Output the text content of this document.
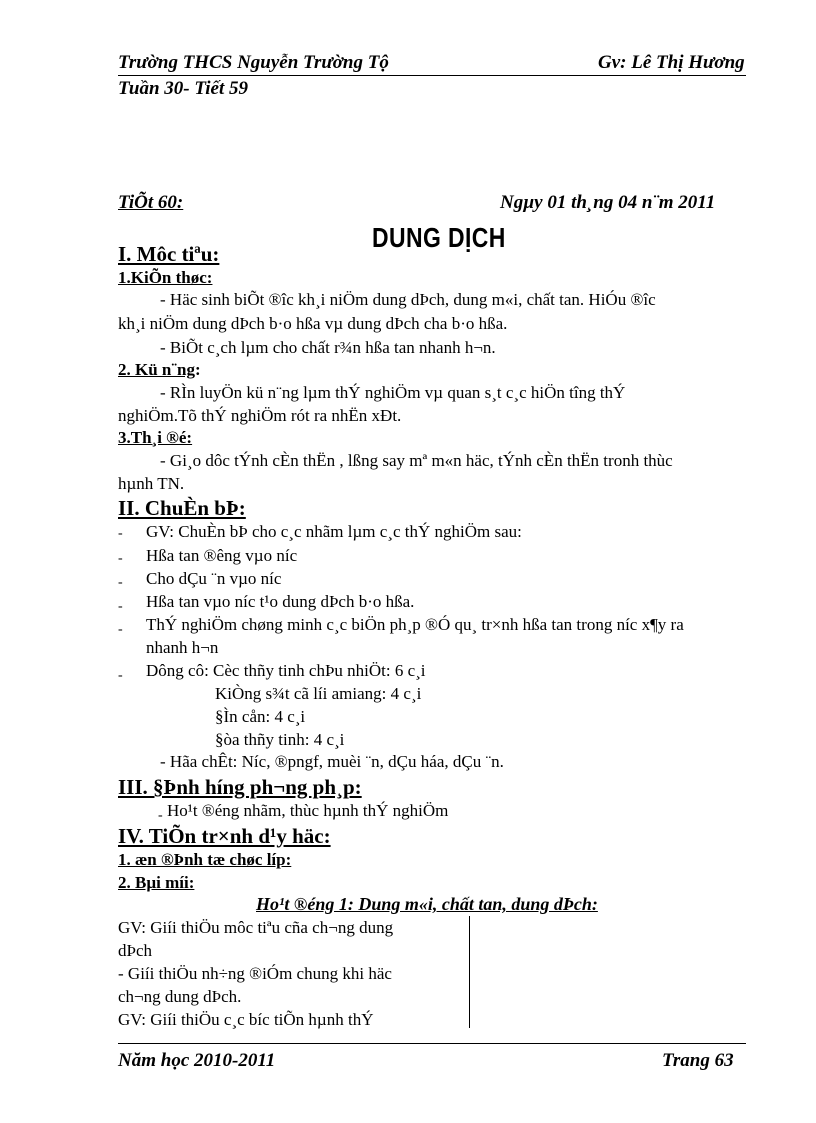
Trường THCS Nguyễn Trường Tộ	Gv: Lê Thị Hương
Tuần 30- Tiết 59
TiÕt 60:	Ngµy 01 th¸ng 04 n¨m 2011
DUNG DỊCH
I. Môc tiªu:
1.KiÕn thøc:
- Häc sinh biÕt ®îc kh¸i niÖm dung dÞch, dung m«i, chất tan. HiÓu ®îc
kh¸i niÖm dung dÞch b·o hßa vµ dung dÞch cha b·o hßa.
- BiÕt c¸ch lµm cho chất r¾n hßa tan nhanh h¬n.
2. Kü n¨ng:
- RÌn luyÖn kü n¨ng lµm thÝ nghiÖm vµ quan s¸t c¸c hiÖn tîng thÝ
nghiÖm.Tõ thÝ nghiÖm rót ra nhËn xÐt.
3.Th¸i ®é:
- Gi¸o dôc tÝnh cÈn thËn , lßng say mª m«n häc, tÝnh cÈn thËn tronh thùc
hµnh TN.
II. ChuÈn bÞ:
- GV: ChuÈn bÞ cho c¸c nhãm lµm c¸c thÝ nghiÖm sau:
- Hßa tan ®êng vµo níc
- Cho dÇu ¨n vµo níc
- Hßa tan vµo níc t¹o dung dÞch b·o hßa.
- ThÝ nghiÖm chøng minh c¸c biÖn ph¸p ®Ó qu¸ tr×nh hßa tan trong níc x¶y ra
nhanh h¬n
- Dông cô: Cèc thñy tinh chÞu nhiÖt: 6 c¸i
KiÒng s¾t cã líi amiang: 4 c¸i
§Ìn cån: 4 c¸i
§òa thñy tinh: 4 c¸i
- Hãa chÊt: Níc, ®pngf, muèi ¨n, dÇu háa, dÇu ¨n.
III. §Þnh híng ph¬ng ph¸p:
- Ho¹t ®éng nhãm, thùc hµnh thÝ nghiÖm
IV. TiÕn tr×nh d¹y häc:
1. æn ®Þnh tæ chøc líp:
2. Bµi míi:
Ho¹t ®éng 1: Dung m«i, chất tan, dung dÞch:
GV: Giíi thiÖu môc tiªu cña ch¬ng dung
dÞch
- Giíi thiÖu nh÷ng ®iÓm chung khi häc
ch¬ng dung dÞch.
GV: Giíi thiÖu c¸c bíc tiÕn hµnh thÝ
Năm học 2010-2011	Trang 63
